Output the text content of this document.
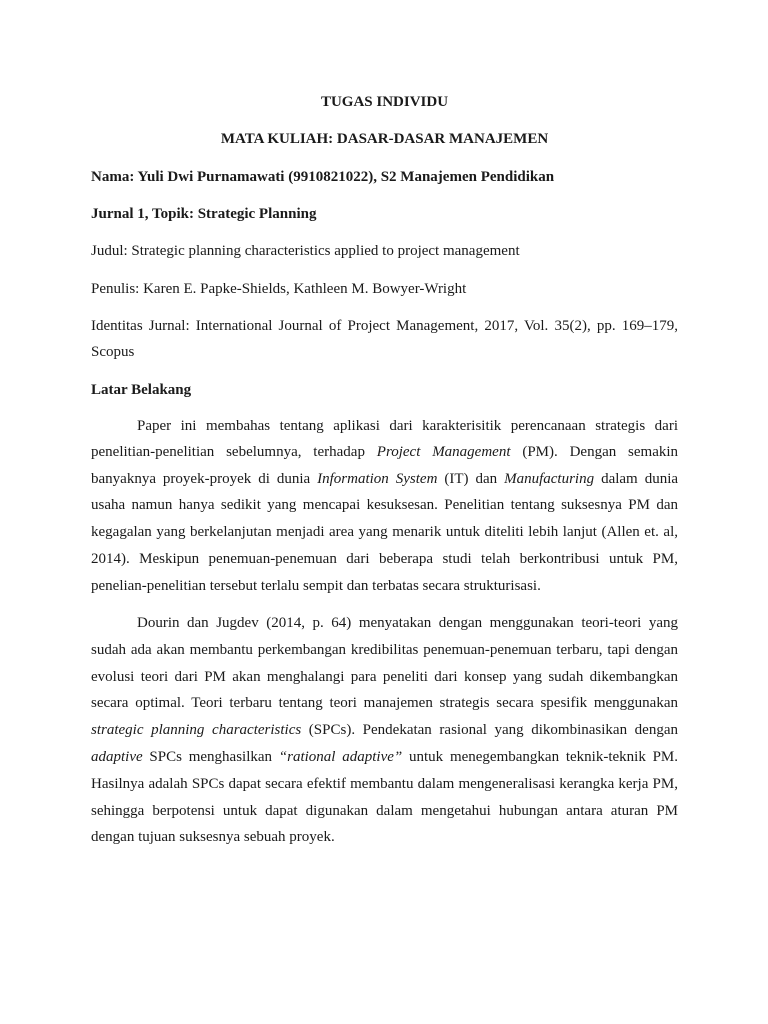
TUGAS INDIVIDU
MATA KULIAH: DASAR-DASAR MANAJEMEN
Nama: Yuli Dwi Purnamawati (9910821022), S2 Manajemen Pendidikan
Jurnal 1, Topik: Strategic Planning
Judul: Strategic planning characteristics applied to project management
Penulis: Karen E. Papke-Shields, Kathleen M. Bowyer-Wright
Identitas Jurnal: International Journal of Project Management, 2017, Vol. 35(2), pp. 169–179,
Scopus
Latar Belakang
Paper ini membahas tentang aplikasi dari karakterisitik perencanaan strategis dari
penelitian-penelitian sebelumnya, terhadap Project Management (PM). Dengan semakin
banyaknya proyek-proyek di dunia Information System (IT) dan Manufacturing dalam dunia
usaha namun hanya sedikit yang mencapai kesuksesan. Penelitian tentang suksesnya PM dan
kegagalan yang berkelanjutan menjadi area yang menarik untuk diteliti lebih lanjut (Allen et. al,
2014). Meskipun penemuan-penemuan dari beberapa studi telah berkontribusi untuk PM,
penelian-penelitian tersebut terlalu sempit dan terbatas secara strukturisasi.
Dourin dan Jugdev (2014, p. 64) menyatakan dengan menggunakan teori-teori yang
sudah ada akan membantu perkembangan kredibilitas penemuan-penemuan terbaru, tapi dengan
evolusi teori dari PM akan menghalangi para peneliti dari konsep yang sudah dikembangkan
secara optimal. Teori terbaru tentang teori manajemen strategis secara spesifik menggunakan
strategic planning characteristics (SPCs). Pendekatan rasional yang dikombinasikan dengan
adaptive SPCs menghasilkan “rational adaptive” untuk menegembangkan teknik-teknik PM.
Hasilnya adalah SPCs dapat secara efektif membantu dalam mengeneralisasi kerangka kerja PM,
sehingga berpotensi untuk dapat digunakan dalam mengetahui hubungan antara aturan PM
dengan tujuan suksesnya sebuah proyek.
